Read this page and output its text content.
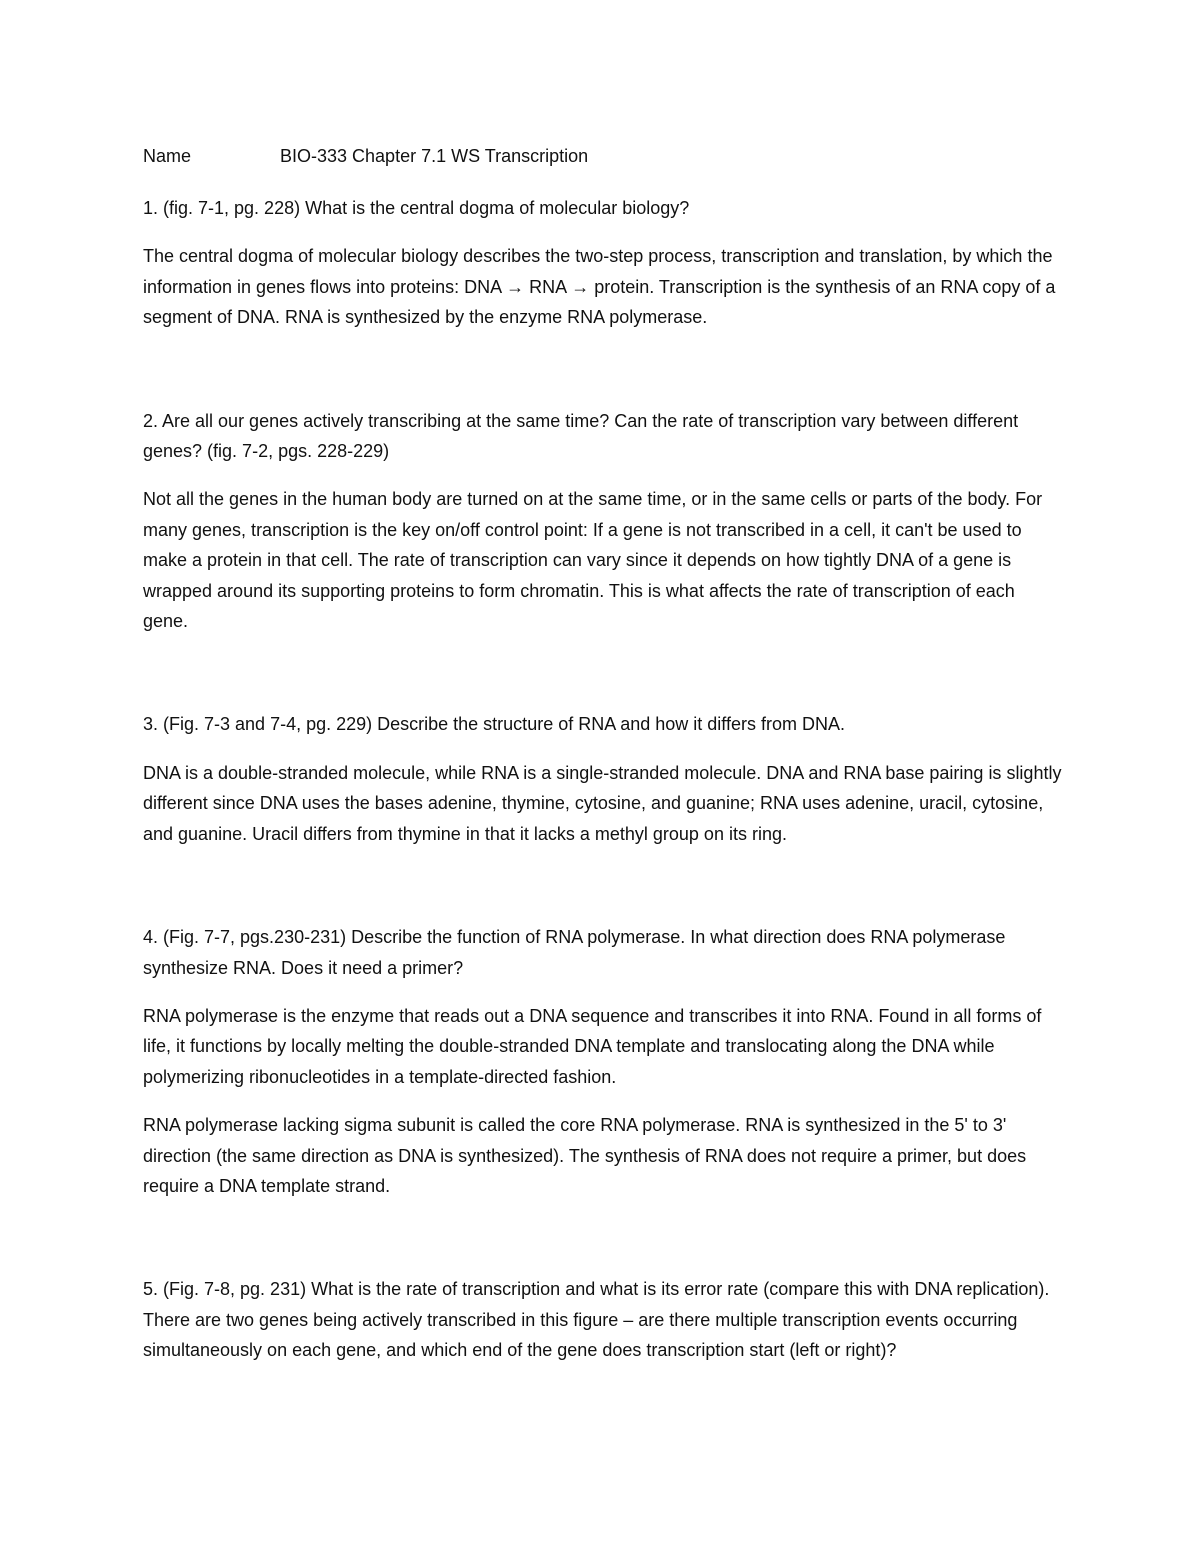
Name	BIO-333 Chapter 7.1 WS Transcription

1. (fig. 7-1, pg. 228) What is the central dogma of molecular biology?

The central dogma of molecular biology describes the two-step process, transcription and translation, by which the information in genes flows into proteins: DNA → RNA → protein. Transcription is the synthesis of an RNA copy of a segment of DNA. RNA is synthesized by the enzyme RNA polymerase.

2. Are all our genes actively transcribing at the same time? Can the rate of transcription vary between different genes? (fig. 7-2, pgs. 228-229)

Not all the genes in the human body are turned on at the same time, or in the same cells or parts of the body. For many genes, transcription is the key on/off control point: If a gene is not transcribed in a cell, it can't be used to make a protein in that cell. The rate of transcription can vary since it depends on how tightly DNA of a gene is wrapped around its supporting proteins to form chromatin. This is what affects the rate of transcription of each gene.

3. (Fig. 7-3 and 7-4, pg. 229) Describe the structure of RNA and how it differs from DNA.

DNA is a double-stranded molecule, while RNA is a single-stranded molecule. DNA and RNA base pairing is slightly different since DNA uses the bases adenine, thymine, cytosine, and guanine; RNA uses adenine, uracil, cytosine, and guanine. Uracil differs from thymine in that it lacks a methyl group on its ring.

4. (Fig. 7-7, pgs.230-231) Describe the function of RNA polymerase. In what direction does RNA polymerase synthesize RNA. Does it need a primer?

RNA polymerase is the enzyme that reads out a DNA sequence and transcribes it into RNA. Found in all forms of life, it functions by locally melting the double-stranded DNA template and translocating along the DNA while polymerizing ribonucleotides in a template-directed fashion.

RNA polymerase lacking sigma subunit is called the core RNA polymerase. RNA is synthesized in the 5' to 3' direction (the same direction as DNA is synthesized). The synthesis of RNA does not require a primer, but does require a DNA template strand.

5. (Fig. 7-8, pg. 231) What is the rate of transcription and what is its error rate (compare this with DNA replication). There are two genes being actively transcribed in this figure – are there multiple transcription events occurring simultaneously on each gene, and which end of the gene does transcription start (left or right)?
